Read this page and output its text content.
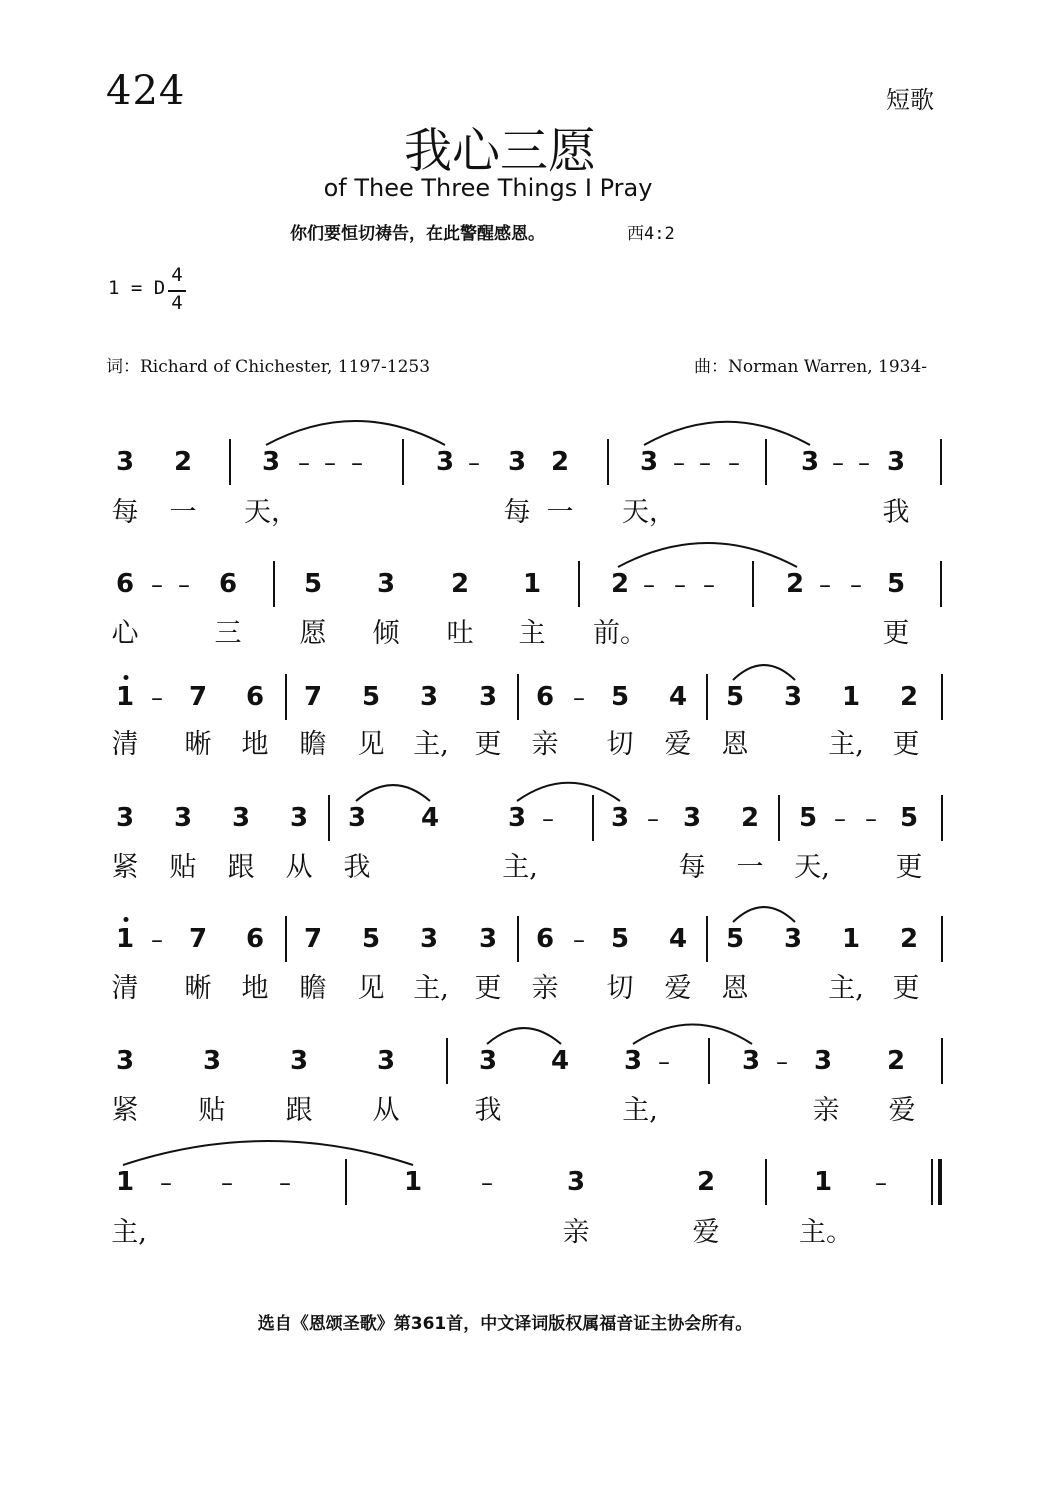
424	短歌
我心三愿
of Thee Three Things I Pray
你们要恒切祷告，在此警醒感恩。	西4:2
1 = D
4
4
词：Richard of Chichester, 1197-1253	曲：Norman Warren, 1934-
3 2	3 – – –	3 – 3 2	3 – – – 3 – – 3
每 一 天，	每 一 天，	我
6 – – 6	5 3 2 1	2 – – –	2 – – 5
心	三 愿 倾 吐 主 前。	更
1 – 7 6 7 5 3 3 6 – 5 4 5 3 1 2
清 晰 地 瞻 见 主, 更 亲 切 爱 恩	主, 更
3 3 3 3 3 4	3 – 3 – 3 2 5 – – 5
紧 贴 跟 从 我	主,	每 一 天, 更
1 – 7 6 7 5 3 3 6 – 5 4 5 3 1 2
清 晰 地 瞻 见 主, 更 亲 切 爱 恩	主, 更
3	3	3	3	3 4 3 –	3 – 3 2
紧 贴 跟 从	我	主,	亲 爱
1 – – –	1 –	3	2	1 –
主,	亲	爱	主。
选自《恩颂圣歌》第361首，中文译词版权属福音证主协会所有。
